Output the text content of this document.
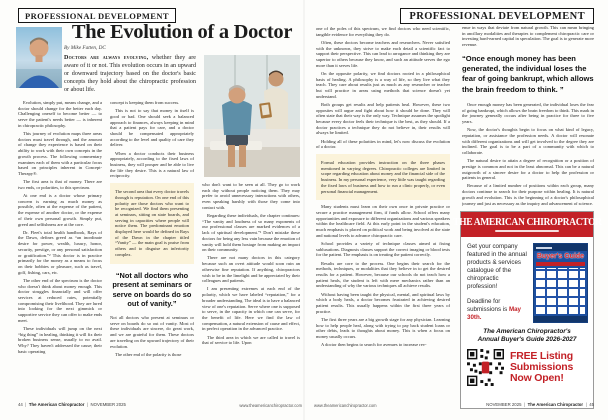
PROFESSIONAL DEVELOPMENT
The Evolution of a Doctor
By Mike Fatten, DC

Doctors are always evolving, whether they are aware of it or not. This evolution occurs in an upward or downward trajectory based on the doctor's basic concepts they hold about the chiropractic profession or about life.

Evolution, simply put, means change, and a doctor should change for the better each day. Challenging oneself to become better — to serve the patient's needs better — is inherent in chiropractic philosophy.

This journey of evolution maps three areas doctors must travel through, and the amount of change they experience is based on their ability to work with their own concepts in the growth process. The following commentary examines each of them with a particular focus based on principles inherent in Concept-Therapy®.

The first area is that of money. There are two ends, or polarities, to this spectrum.

At one end is a doctor whose primary concern is earning as much money as possible, often at the expense of the patient, the expense of another doctor, or the expense of their own personal growth. Simply put, greed and selfishness are at the core.

Dr. Fleet's total health handbook, Rays of the Dawn, defines greed as “an inordinate desire for power, wealth, luxury, honor, security, prestige, or any personal satisfaction or gratification.”² This doctor is in practice primarily for the money as a means to focus on their hobbies or pleasure, such as travel, golf, fishing, cars, etc.

The other end of the spectrum is the doctor who doesn't think about money enough. This doctor struggles financially and will offer services at reduced rates, potentially compromising their livelihood. They are lured into looking for the next gimmick or supportive service they can offer to make ends meet.

These individuals will jump on the next “big thing” in healing, thinking it will fix their broken business sense, usually to no avail. Why? They haven't addressed the cause; their basic operating

concept is keeping them from success.

This is not to say that money in itself is good or bad. One should seek a balanced approach to finances, always keeping in mind that a patient pays for care, and a doctor should be compensated appropriately according to the level and quality of care they deliver.

When a doctor conducts their business appropriately, according to the fixed laws of business, they will prosper and be able to live the life they desire. This is a natural law of reciprocity.

The second area that every doctor travels through is reputation. On one end of this polarity are those doctors who want to be recognized. We find them presenting at seminars, sitting on state boards, and serving in capacities where people will notice them. The predominant emotion displayed here would be defined in Rays of the Dawn in the chapter titled “Vanity” — the main goal is praise from others and to disguise an inferiority complex.

“Not all doctors who present at seminars or serve on boards do so out of vanity.”

Not all doctors who present at seminars or serve on boards do so out of vanity. Most of these individuals are sincere, do great work, and we are grateful for them. These doctors are traveling on the upward trajectory of their evolution.

The other end of the polarity is those

who don't want to be seen at all. They go to work each day without people noticing them. They may prefer to avoid unnecessary interactions with others, even speaking harshly with those they come into contact with.

Regarding these individuals, the chapter continues: “The vanity and loudness of so many exponents of our professional classes are marked evidences of a lack of spiritual development.”¹ Don't mistake these doctors for being any less vain because the emotion of vanity will hold them hostage from making an impact on their community.

There are not many doctors in this category because such an overt attitude would soon ruin an otherwise fine reputation. If anything, chiropractors wish to be in the limelight and be appreciated by their colleagues and patients.

I am presenting extremes at each end of the polarity, which we have labeled “reputation,” for a broader understanding. The ideal is to have a balanced view of one's reputation. Serve where one is supposed to serve, in the capacity in which one can serve, for the benefit of life. Here we find the law of compensation, a natural extension of cause and effect, in perfect operation in the advanced practice.

The third area in which we are called to travel is that of service to life. Upon

44 | The American Chiropractor | NOVEMBER 2025	www.theamericanchiropractor.com
PROFESSIONAL DEVELOPMENT

one of the poles of this spectrum, we find doctors who need scientific, tangible evidence for everything they do.

Often, these doctors become teachers and researchers. Never satisfied with the unknown, they strive to make each detail a scientific fact to support their perspective. This can lead to arrogance and thinking they are superior to others because they know, and such an attitude serves the ego more than it serves life.

On the opposite polarity, we find doctors rooted in a philosophical basis of healing. A philosophy is a way of life, so they live what they teach. They care about results just as much as any researcher or teacher but will practice in areas using methods that science doesn't yet understand.

Both groups get results and help patients heal. However, these two opposites will argue and fight about how it should be done. They will often state that their way is the only way. Technique assumes the spotlight because every doctor feels their technique is the best, as they should. If a doctor practices a technique they do not believe in, their results will always be limited.

Holding all of these polarities in mind, let's now discuss the evolution of a doctor.

Formal education provides instruction on the three phases mentioned in varying degrees. Chiropractic colleges are limited in scope regarding education about money and the financial side of the business. In my personal experience, very little was taught regarding the fixed laws of business and how to run a clinic properly, or even personal financial management.

Many students must learn on their own once in private practice or secure a practice management firm, if funds allow. School offers many opportunities and exposure to different organizations and various speakers within the healthcare field. At this early point in the student's education, much emphasis is placed on political work and being involved at the state and national levels to advance chiropractic care.

School provides a variety of technique classes aimed at fixing subluxations. Diagnosis classes support the correct imaging or blood tests for the patient. The emphasis is on treating the patient correctly.

Results are core to the process. One begins their search for the methods, techniques, or modalities that they believe in to get the desired results for a patient. However, because our schools do not teach how a patient heals, the student is left with mere mechanics rather than an understanding of why the various techniques all achieve results.

Without having been taught the physical, mental, and spiritual laws by which a body heals, a doctor becomes frustrated in achieving desired patient results. This usually happens within the first three years of practice.

The first three years are a big growth stage for any physician. Learning how to help people heal, along with trying to pay back student loans or other debts, leads to thoughts about money. This is when a focus on money usually occurs.

A doctor then begins to search for avenues to increase rev-

enue in ways that deviate from natural growth. This can mean bringing in ancillary modalities and therapies to complement chiropractic care or investing hard-earned capital in speculation. The goal is to generate more revenue.

“Once enough money has been generated, the individual loses the fear of going bankrupt, which allows the brain freedom to think. ”

Once enough money has been generated, the individual loses the fear of going bankrupt, which allows the brain freedom to think. This mark in the journey generally occurs after being in practice for three to five years.

Now, the doctor's thoughts begin to focus on what kind of legacy, reputation, or assistance the profession needs. A doctor will resonate with different organizations and will get involved to the degree they are inclined. The goal is to be a part of a community with which to collaborate.

The natural desire to attain a degree of recognition or a position of prestige is common and not in the least abnormal. This can be a natural outgrowth of a sincere desire for a doctor to help the profession or patients in general.

Because of a limited number of positions within each group, many doctors continue to search for their purpose within healing. It is natural growth and evolution. This is the beginning of a doctor's philosophical journey and just as necessary as the inquiry and advancement of science.

THE AMERICAN CHIROPRACTOR
Get your company featured in the annual products & services catalogue of the chiropractic profession!
Deadline for submissions is May 30th.
Buyer's Guide
The American Chiropractor's
Annual Buyer's Guide 2026-2027
FREE Listing
Submissions
Now Open!
www.theamericanchiropractor.com	NOVEMBER 2025 | The American Chiropractor | 45
